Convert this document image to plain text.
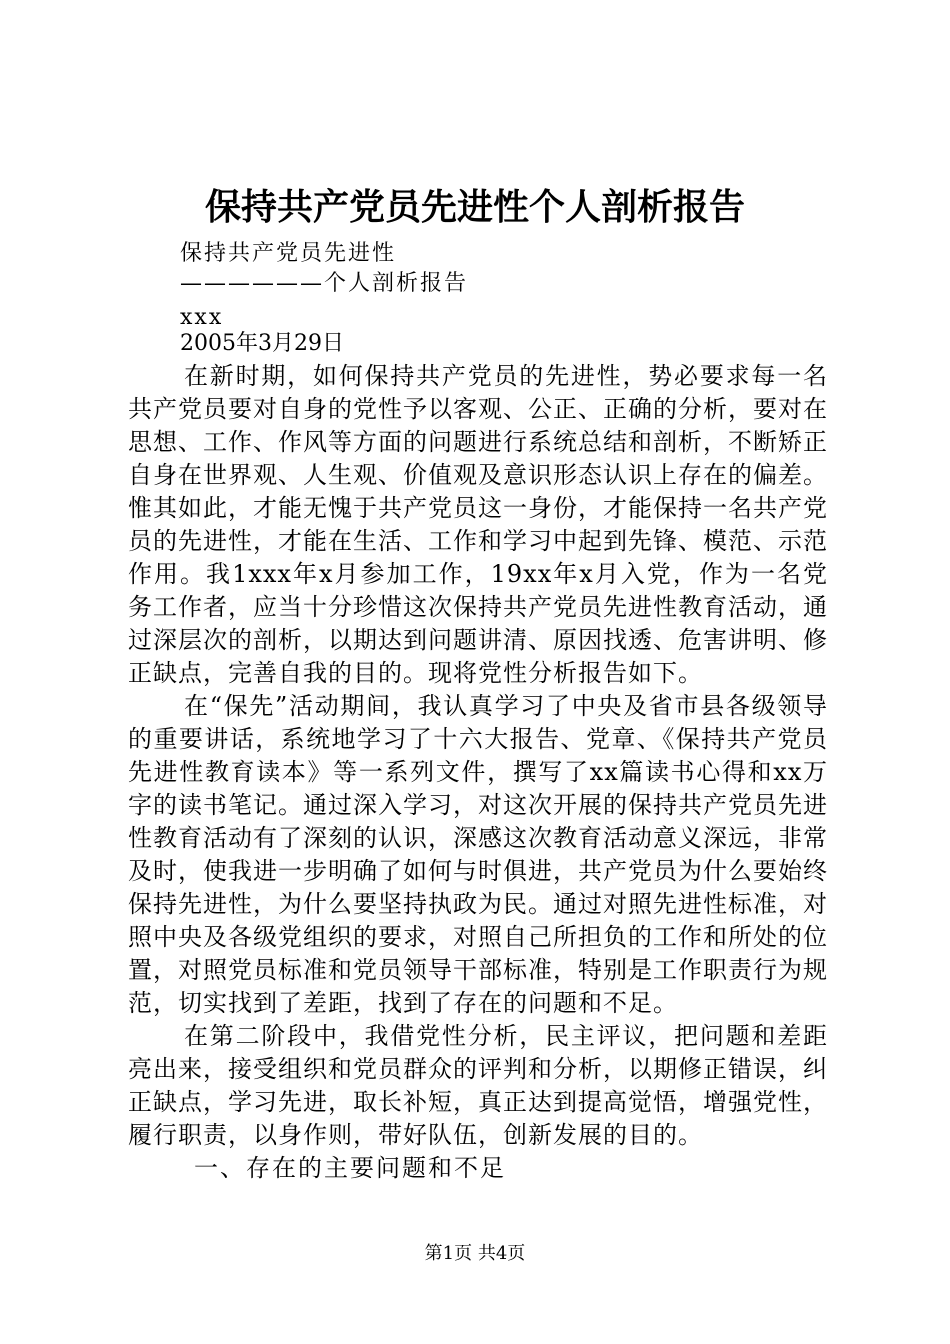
保持共产党员先进性个人剖析报告
保持共产党员先进性
——————个人剖析报告
xxx
2005年3月29日

在新时期，如何保持共产党员的先进性，势必要求每一名共产党员要对自身的党性予以客观、公正、正确的分析，要对在思想、工作、作风等方面的问题进行系统总结和剖析，不断矫正自身在世界观、人生观、价值观及意识形态认识上存在的偏差。惟其如此，才能无愧于共产党员这一身份，才能保持一名共产党员的先进性，才能在生活、工作和学习中起到先锋、模范、示范作用。我1xxx年x月参加工作，19xx年x月入党，作为一名党务工作者，应当十分珍惜这次保持共产党员先进性教育活动，通过深层次的剖析，以期达到问题讲清、原因找透、危害讲明、修正缺点，完善自我的目的。现将党性分析报告如下。

在“保先”活动期间，我认真学习了中央及省市县各级领导的重要讲话，系统地学习了十六大报告、党章、《保持共产党员先进性教育读本》等一系列文件，撰写了xx篇读书心得和xx万字的读书笔记。通过深入学习，对这次开展的保持共产党员先进性教育活动有了深刻的认识，深感这次教育活动意义深远，非常及时，使我进一步明确了如何与时俱进，共产党员为什么要始终保持先进性，为什么要坚持执政为民。通过对照先进性标准，对照中央及各级党组织的要求，对照自己所担负的工作和所处的位置，对照党员标准和党员领导干部标准，特别是工作职责行为规范，切实找到了差距，找到了存在的问题和不足。

在第二阶段中，我借党性分析，民主评议，把问题和差距亮出来，接受组织和党员群众的评判和分析，以期修正错误，纠正缺点，学习先进，取长补短，真正达到提高觉悟，增强党性，履行职责，以身作则，带好队伍，创新发展的目的。

一、存在的主要问题和不足

第1页 共4页
